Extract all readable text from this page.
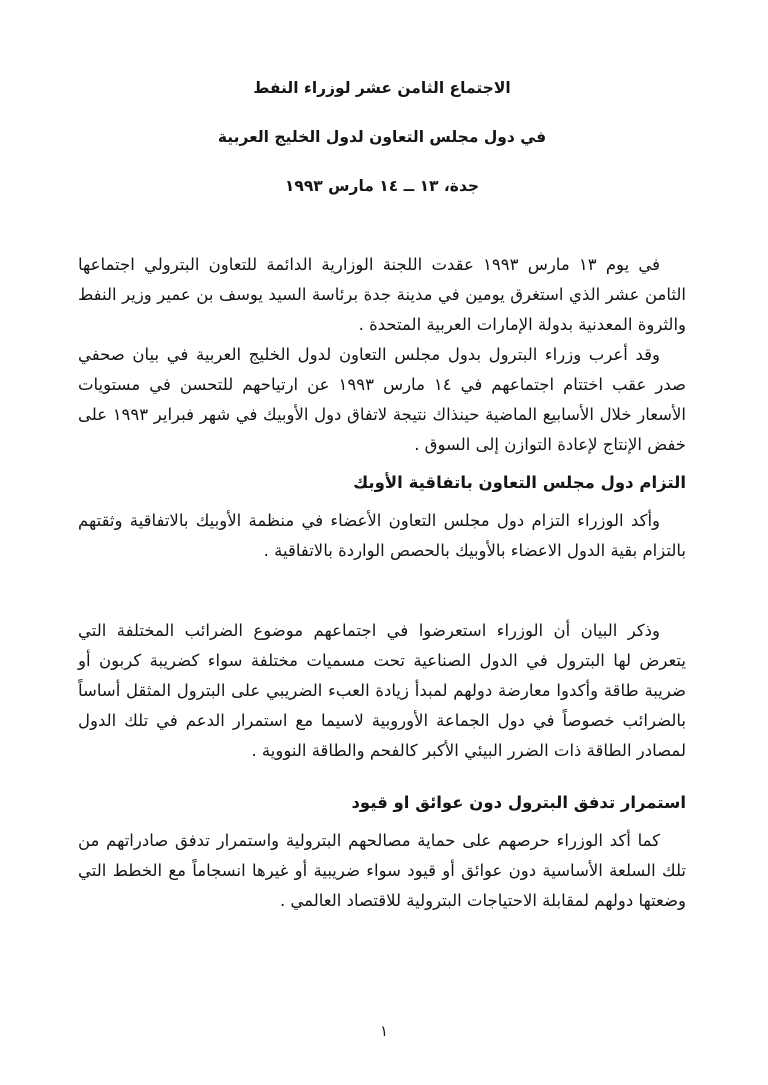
الاجتماع الثامن عشر لوزراء النفط
في دول مجلس التعاون لدول الخليج العربية
جدة، ١٣ ــ ١٤ مارس ١٩٩٣

في يوم ١٣ مارس ١٩٩٣ عقدت اللجنة الوزارية الدائمة للتعاون البترولي اجتماعها الثامن عشر الذي استغرق يومين في مدينة جدة برئاسة السيد يوسف بن عمير وزير النفط والثروة المعدنية بدولة الإمارات العربية المتحدة .

وقد أعرب وزراء البترول بدول مجلس التعاون لدول الخليج العربية في بيان صحفي صدر عقب اختتام اجتماعهم في ١٤ مارس ١٩٩٣ عن ارتياحهم للتحسن في مستويات الأسعار خلال الأسابيع الماضية حينذاك نتيجة لاتفاق دول الأوبيك في شهر فبراير ١٩٩٣ على خفض الإنتاج لإعادة التوازن إلى السوق .

التزام دول مجلس التعاون باتفاقية الأوبك

وأكد الوزراء التزام دول مجلس التعاون الأعضاء في منظمة الأوبيك بالاتفاقية وثقتهم بالتزام بقية الدول الاعضاء بالأوبيك بالحصص الواردة بالاتفاقية .

وذكر البيان أن الوزراء استعرضوا في اجتماعهم موضوع الضرائب المختلفة التي يتعرض لها البترول في الدول الصناعية تحت مسميات مختلفة سواء كضريبة كربون أو ضريبة طاقة وأكدوا معارضة دولهم لمبدأ زيادة العبء الضريبي على البترول المثقل أساساً بالضرائب خصوصاً في دول الجماعة الأوروبية لاسيما مع استمرار الدعم في تلك الدول لمصادر الطاقة ذات الضرر البيئي الأكبر كالفحم والطاقة النووية .

استمرار تدفق البترول دون عوائق او قيود

كما أكد الوزراء حرصهم على حماية مصالحهم البترولية واستمرار تدفق صادراتهم من تلك السلعة الأساسية دون عوائق أو قيود سواء ضريبية أو غيرها انسجاماً مع الخطط التي وضعتها دولهم لمقابلة الاحتياجات البترولية للاقتصاد العالمي .

١
